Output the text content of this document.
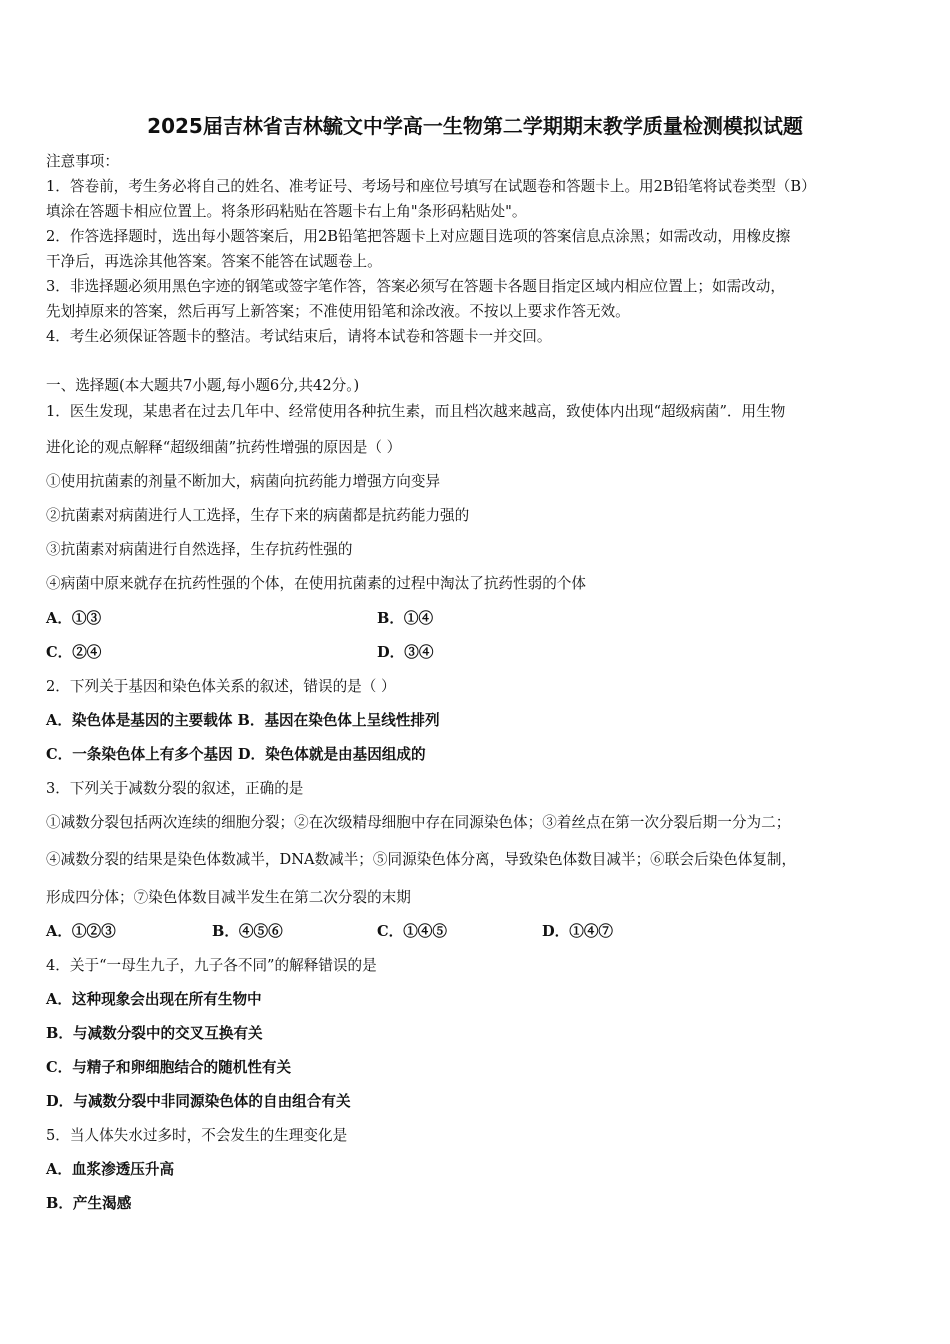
2025届吉林省吉林毓文中学高一生物第二学期期末教学质量检测模拟试题
注意事项：
1．答卷前，考生务必将自己的姓名、准考证号、考场号和座位号填写在试题卷和答题卡上。用2B铅笔将试卷类型（B）
填涂在答题卡相应位置上。将条形码粘贴在答题卡右上角"条形码粘贴处"。
2．作答选择题时，选出每小题答案后，用2B铅笔把答题卡上对应题目选项的答案信息点涂黑；如需改动，用橡皮擦
干净后，再选涂其他答案。答案不能答在试题卷上。
3．非选择题必须用黑色字迹的钢笔或签字笔作答，答案必须写在答题卡各题目指定区域内相应位置上；如需改动，
先划掉原来的答案，然后再写上新答案；不准使用铅笔和涂改液。不按以上要求作答无效。
4．考生必须保证答题卡的整洁。考试结束后，请将本试卷和答题卡一并交回。
一、选择题(本大题共7小题,每小题6分,共42分。)
1．医生发现，某患者在过去几年中、经常使用各种抗生素，而且档次越来越高，致使体内出现“超级病菌”．用生物
进化论的观点解释“超级细菌”抗药性增强的原因是（ ）
①使用抗菌素的剂量不断加大，病菌向抗药能力增强方向变异
②抗菌素对病菌进行人工选择，生存下来的病菌都是抗药能力强的
③抗菌素对病菌进行自然选择，生存抗药性强的
④病菌中原来就存在抗药性强的个体，在使用抗菌素的过程中淘汰了抗药性弱的个体
A．①③	B．①④
C．②④	D．③④
2．下列关于基因和染色体关系的叙述，错误的是（ ）
A．染色体是基因的主要载体 B．基因在染色体上呈线性排列
C．一条染色体上有多个基因 D．染色体就是由基因组成的
3．下列关于减数分裂的叙述，正确的是
①减数分裂包括两次连续的细胞分裂；②在次级精母细胞中存在同源染色体；③着丝点在第一次分裂后期一分为二；
④减数分裂的结果是染色体数减半，DNA数减半；⑤同源染色体分离，导致染色体数目减半；⑥联会后染色体复制，
形成四分体；⑦染色体数目减半发生在第二次分裂的末期
A．①②③	B．④⑤⑥	C．①④⑤	D．①④⑦
4．关于“一母生九子，九子各不同”的解释错误的是
A．这种现象会出现在所有生物中
B．与减数分裂中的交叉互换有关
C．与精子和卵细胞结合的随机性有关
D．与减数分裂中非同源染色体的自由组合有关
5．当人体失水过多时，不会发生的生理变化是
A．血浆渗透压升高
B．产生渴感
